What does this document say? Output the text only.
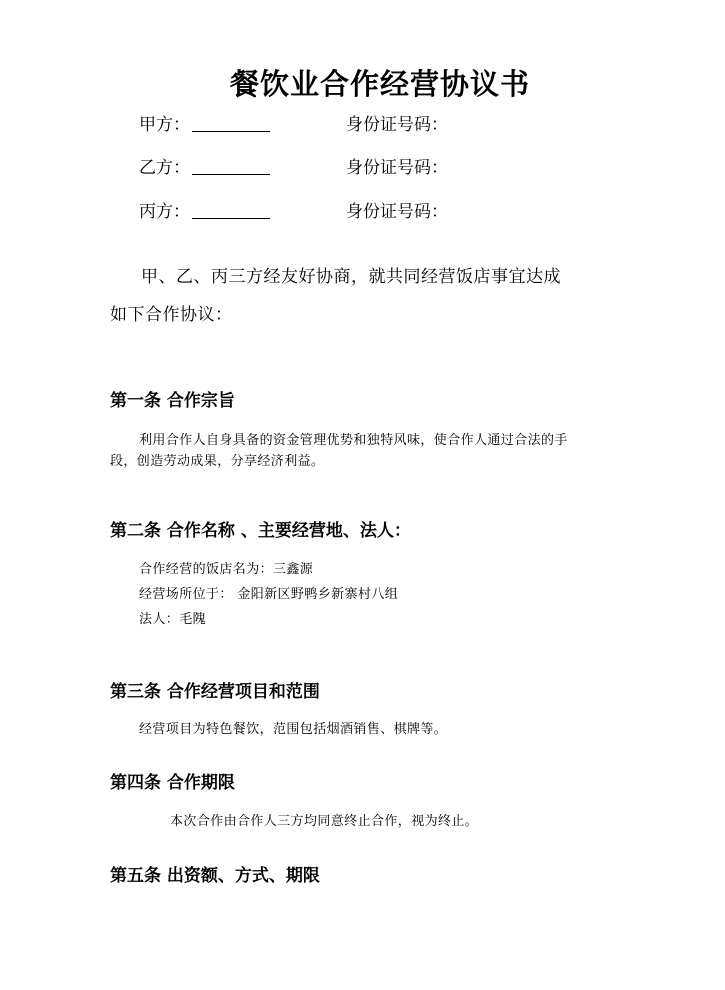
餐饮业合作经营协议书
甲方：	身份证号码：
乙方：	身份证号码：
丙方：	身份证号码：
甲、乙、丙三方经友好协商，就共同经营饭店事宜达成
如下合作协议：
第一条 合作宗旨
利用合作人自身具备的资金管理优势和独特风味，使合作人通过合法的手
段，创造劳动成果，分享经济利益。
第二条 合作名称 、主要经营地、法人：
合作经营的饭店名为：三鑫源
经营场所位于： 金阳新区野鸭乡新寨村八组
法人：毛隗
第三条 合作经营项目和范围
经营项目为特色餐饮，范围包括烟酒销售、棋牌等。
第四条 合作期限
本次合作由合作人三方均同意终止合作，视为终止。
第五条 出资额、方式、期限
